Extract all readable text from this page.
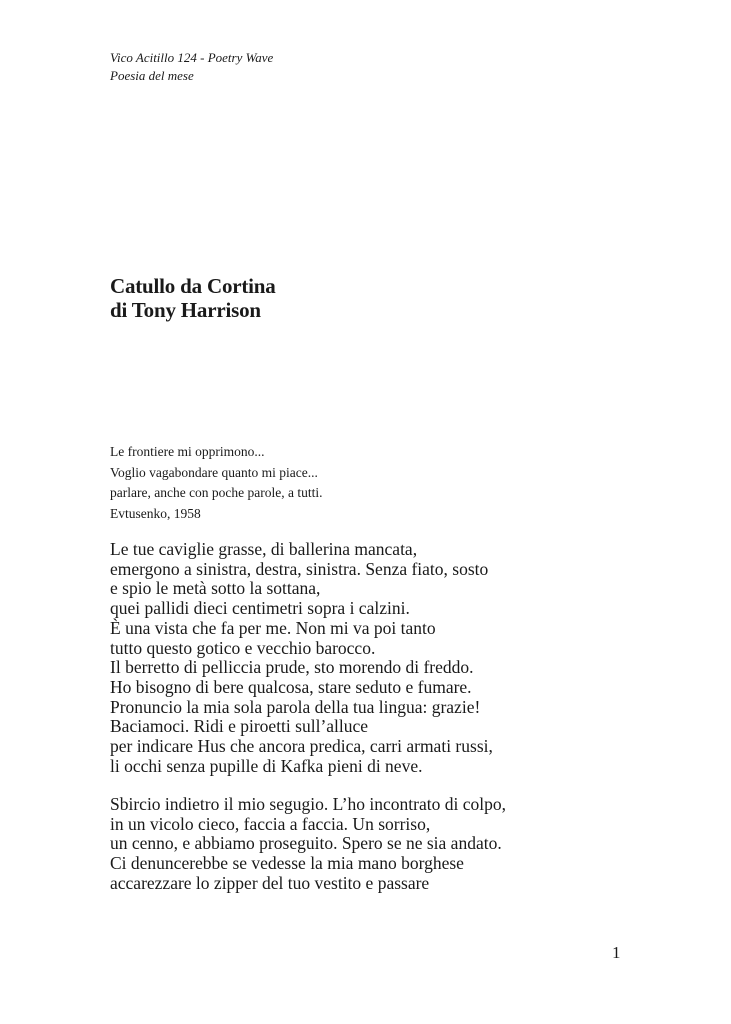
Vico Acitillo 124 - Poetry Wave
Poesia del mese
Catullo da Cortina
di Tony Harrison
Le frontiere mi opprimono...
Voglio vagabondare quanto mi piace...
parlare, anche con poche parole, a tutti.
Evtusenko, 1958
Le tue caviglie grasse, di ballerina mancata,
emergono a sinistra, destra, sinistra. Senza fiato, sosto
e spio le metà sotto la sottana,
quei pallidi dieci centimetri sopra i calzini.
È una vista che fa per me. Non mi va poi tanto
tutto questo gotico e vecchio barocco.
Il berretto di pelliccia prude, sto morendo di freddo.
Ho bisogno di bere qualcosa, stare seduto e fumare.
Pronuncio la mia sola parola della tua lingua: grazie!
Baciamoci. Ridi e piroetti sull’alluce
per indicare Hus che ancora predica, carri armati russi,
li occhi senza pupille di Kafka pieni di neve.
Sbircio indietro il mio segugio. L’ho incontrato di colpo,
in un vicolo cieco, faccia a faccia. Un sorriso,
un cenno, e abbiamo proseguito. Spero se ne sia andato.
Ci denuncerebbe se vedesse la mia mano borghese
accarezzare lo zipper del tuo vestito e passare
1
